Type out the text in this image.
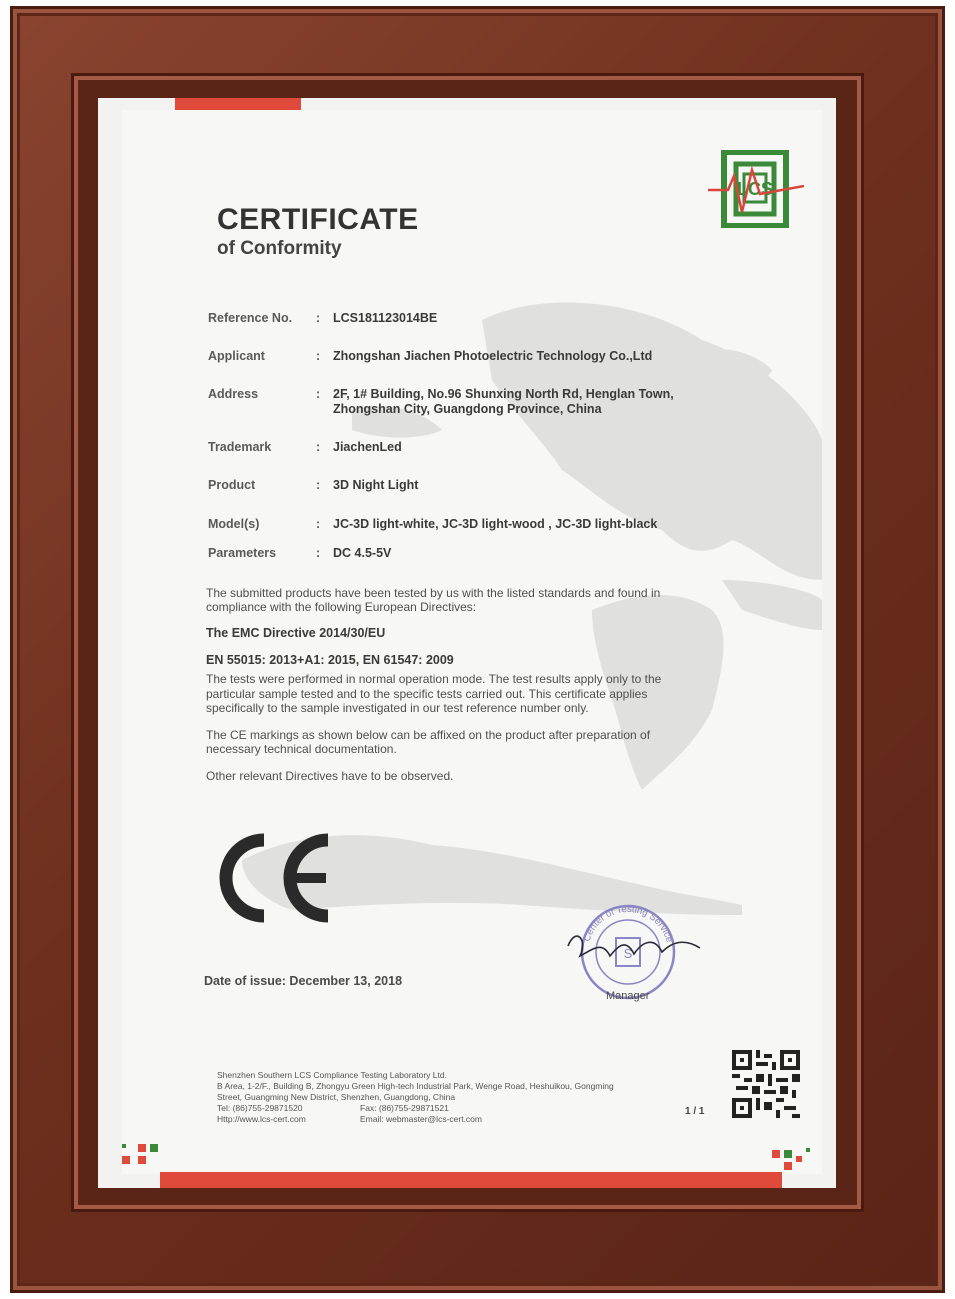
LCS
CERTIFICATE
of Conformity
Reference No. : LCS181123014BE
Applicant	: Zhongshan Jiachen Photoelectric Technology Co.,Ltd
Address	: 2F, 1# Building, No.96 Shunxing North Rd, Henglan Town,
Zhongshan City, Guangdong Province, China
Trademark	: JiachenLed
Product	: 3D Night Light
Model(s)	: JC-3D light-white, JC-3D light-wood , JC-3D light-black
Parameters	: DC 4.5-5V
The submitted products have been tested by us with the listed standards and found in
compliance with the following European Directives:
The EMC Directive 2014/30/EU
EN 55015: 2013+A1: 2015, EN 61547: 2009
The tests were performed in normal operation mode. The test results apply only to the
particular sample tested and to the specific tests carried out. This certificate applies
specifically to the sample investigated in our test reference number only.
The CE markings as shown below can be affixed on the product after preparation of
necessary technical documentation.
Other relevant Directives have to be observed.
Center of Testing Service
S
Manager
Date of issue: December 13, 2018
Shenzhen Southern LCS Compliance Testing Laboratory Ltd.
B Area, 1-2/F., Building B, Zhongyu Green High-tech Industrial Park, Wenge Road, Heshuikou, Gongming
Street, Guangming New District, Shenzhen, Guangdong, China
Tel: (86)755-29871520	Fax: (86)755-29871521
Http://www.lcs-cert.com	Email: webmaster@lcs-cert.com
1 / 1
